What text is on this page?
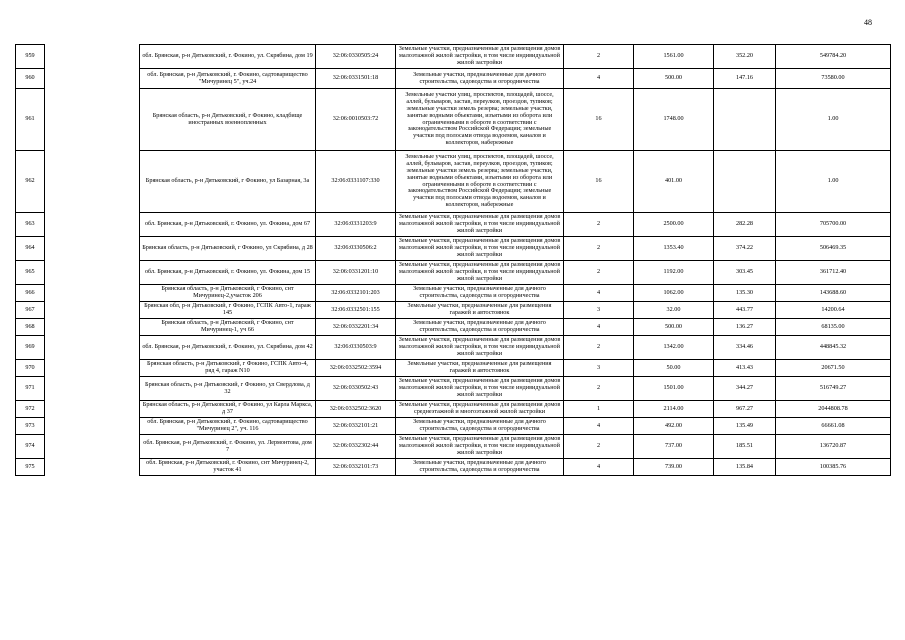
48
959		обл. Брянская, р-н Дятьковский, г. Фокино, ул. Скрябина, дом 19	32:06:0330505:24	Земельные участки, предназначенные для размещения домов малоэтажной жилой застройки, в том числе индивидуальной жилой застройки	2	1561.00	352.20	549784.20
960		обл. Брянская, р-н Дятьковский, г. Фокино, садтоварищество "Мичуринец 5", уч.24	32:06:0331501:18	Земельные участки, предназначенные для дачного строительства, садоводства и огородничества	4	500.00	147.16	73580.00
961		Брянская область, р-н Дятьковский, г Фокино, кладбище иностранных военнопленных	32:06:0010503:72	Земельные участки улиц, проспектов, площадей, шоссе, аллей, бульваров, застав, переулков, проездов, тупиков; земельные участки земель резерва; земельные участки, занятые водными объектами, изъятыми из оборота или ограниченными в обороте в соответствии с законодательством Российской Федерации; земельные участки под полосами отвода водоемов, каналов и коллекторов, набережные	16	1748.00		1.00
962		Брянская область, р-н Дятьковский, г Фокино, ул Базарная, 3а	32:06:0331107:330	Земельные участки улиц, проспектов, площадей, шоссе, аллей, бульваров, застав, переулков, проездов, тупиков; земельные участки земель резерва; земельные участки, занятые водными объектами, изъятыми из оборота или ограниченными в обороте в соответствии с законодательством Российской Федерации; земельные участки под полосами отвода водоемов, каналов и коллекторов, набережные	16	401.00		1.00
963		обл. Брянская, р-н Дятьковский, г. Фокино, ул. Фокина, дом 67	32:06:0331203:9	Земельные участки, предназначенные для размещения домов малоэтажной жилой застройки, в том числе индивидуальной жилой застройки	2	2500.00	282.28	705700.00
964		Брянская область, р-н Дятьковский, г Фокино, ул Скрябина, д 28	32:06:0330506:2	Земельные участки, предназначенные для размещения домов малоэтажной жилой застройки, в том числе индивидуальной жилой застройки	2	1353.40	374.22	506469.35
965		обл. Брянская, р-н Дятьковский, г. Фокино, ул. Фокина, дом 15	32:06:0331201:10	Земельные участки, предназначенные для размещения домов малоэтажной жилой застройки, в том числе индивидуальной жилой застройки	2	1192.00	303.45	361712.40
966		Брянская область, р-н Дятьковский, г Фокино, снт Мичуринец-2,участок 206	32:06:0332101:203	Земельные участки, предназначенные для дачного строительства, садоводства и огородничества	4	1062.00	135.30	143688.60
967		Брянская обл, р-н Дятьковский, г Фокино, ГСПК Авто-1, гараж 145	32:06:0332501:155	Земельные участки, предназначенные для размещения гаражей и автостоянок	3	32.00	443.77	14200.64
968		Брянская область, р-н Дятьковский, г Фокино, снт Мичуринец-1, уч 66	32:06:0332201:34	Земельные участки, предназначенные для дачного строительства, садоводства и огородничества	4	500.00	136.27	68135.00
969		обл. Брянская, р-н Дятьковский, г. Фокино, ул. Скрябина, дом 42	32:06:0330503:9	Земельные участки, предназначенные для размещения домов малоэтажной жилой застройки, в том числе индивидуальной жилой застройки	2	1342.00	334.46	448845.32
970		Брянская область, р-н Дятьковский, г Фокино, ГСПК Авто-4, ряд 4, гараж N10	32:06:0332502:3594	Земельные участки, предназначенные для размещения гаражей и автостоянок	3	50.00	413.43	20671.50
971		Брянская область, р-н Дятьковский, г Фокино, ул Свердлова, д 32	32:06:0330502:43	Земельные участки, предназначенные для размещения домов малоэтажной жилой застройки, в том числе индивидуальной жилой застройки	2	1501.00	344.27	516749.27
972		Брянская область, р-н Дятьковский, г Фокино, ул Карла Маркса, д 37	32:06:0332502:3620	Земельные участки, предназначенные для размещения домов среднеэтажной и многоэтажной жилой застройки	1	2114.00	967.27	2044808.78
973		обл. Брянская, р-н Дятьковский, г. Фокино, садтоварищество "Мичуринец 2", уч. 116	32:06:0332101:21	Земельные участки, предназначенные для дачного строительства, садоводства и огородничества	4	492.00	135.49	66661.08
974		обл. Брянская, р-н Дятьковский, г. Фокино, ул. Лермонтова, дом 7	32:06:0332302:44	Земельные участки, предназначенные для размещения домов малоэтажной жилой застройки, в том числе индивидуальной жилой застройки	2	737.00	185.51	136720.87
975		обл. Брянская, р-н Дятьковский, г. Фокино, снт Мичуринец-2, участок 41	32:06:0332101:73	Земельные участки, предназначенные для дачного строительства, садоводства и огородничества	4	739.00	135.84	100385.76
